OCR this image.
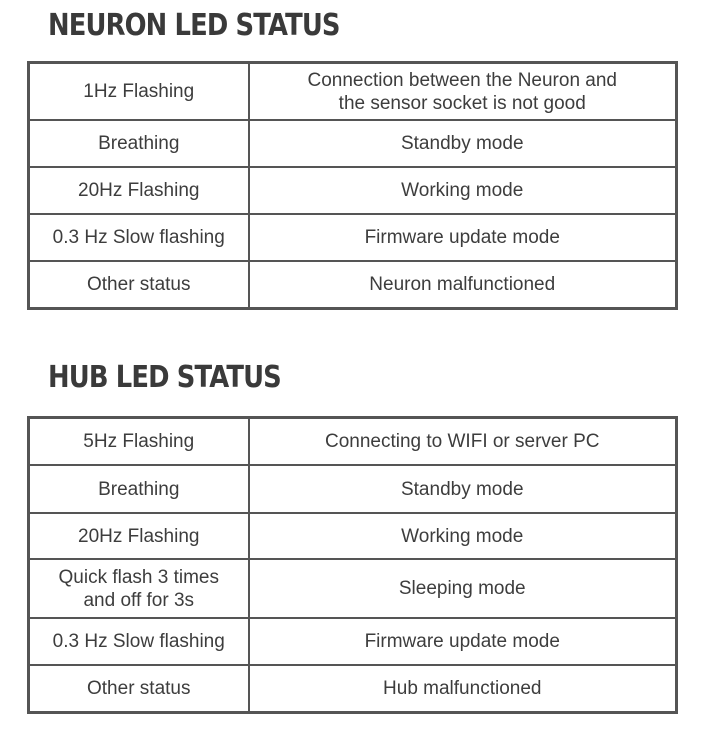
NEURON LED STATUS
1Hz Flashing	Connection between the Neuron and
the sensor socket is not good

Breathing	Standby mode
20Hz Flashing	Working mode
0.3 Hz Slow flashing	Firmware update mode
Other status	Neuron malfunctioned
HUB LED STATUS
5Hz Flashing	Connecting to WIFI or server PC
Breathing	Standby mode
20Hz Flashing	Working mode

Quick flash 3 times
and off for 3s	Sleeping mode
0.3 Hz Slow flashing	Firmware update mode
Other status	Hub malfunctioned
